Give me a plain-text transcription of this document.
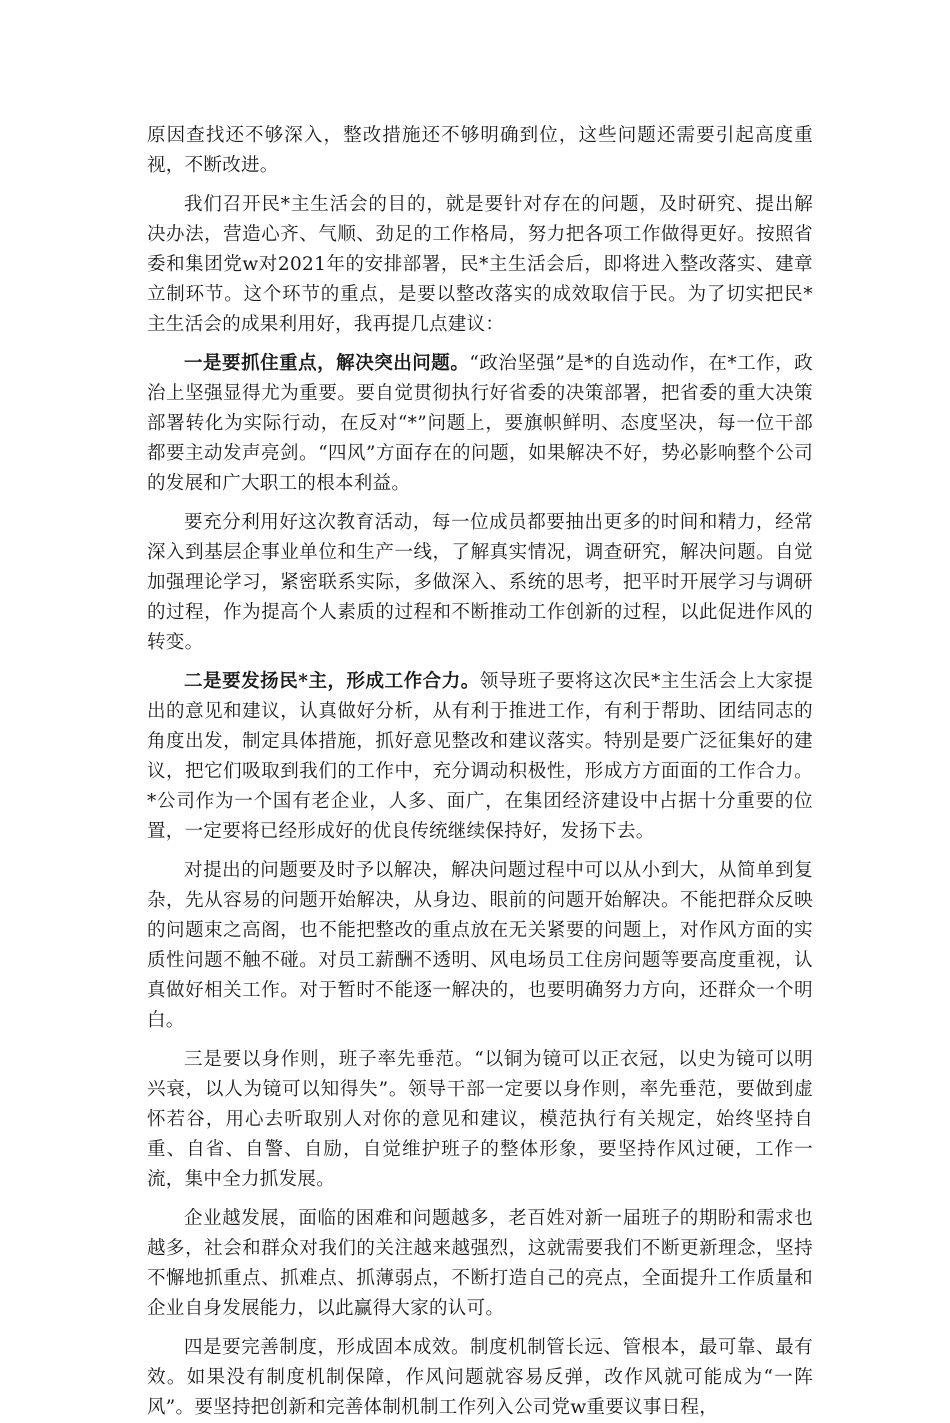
原因查找还不够深入，整改措施还不够明确到位，这些问题还需要引起高度重视，不断改进。

我们召开民*主生活会的目的，就是要针对存在的问题，及时研究、提出解决办法，营造心齐、气顺、劲足的工作格局，努力把各项工作做得更好。按照省委和集团党w对2021年的安排部署，民*主生活会后，即将进入整改落实、建章立制环节。这个环节的重点，是要以整改落实的成效取信于民。为了切实把民*主生活会的成果利用好，我再提几点建议：

一是要抓住重点，解决突出问题。“政治坚强”是*的自选动作，在*工作，政治上坚强显得尤为重要。要自觉贯彻执行好省委的决策部署，把省委的重大决策部署转化为实际行动，在反对“*”问题上，要旗帜鲜明、态度坚决，每一位干部都要主动发声亮剑。“四风”方面存在的问题，如果解决不好，势必影响整个公司的发展和广大职工的根本利益。

要充分利用好这次教育活动，每一位成员都要抽出更多的时间和精力，经常深入到基层企事业单位和生产一线，了解真实情况，调查研究，解决问题。自觉加强理论学习，紧密联系实际，多做深入、系统的思考，把平时开展学习与调研的过程，作为提高个人素质的过程和不断推动工作创新的过程，以此促进作风的转变。

二是要发扬民*主，形成工作合力。领导班子要将这次民*主生活会上大家提出的意见和建议，认真做好分析，从有利于推进工作，有利于帮助、团结同志的角度出发，制定具体措施，抓好意见整改和建议落实。特别是要广泛征集好的建议，把它们吸取到我们的工作中，充分调动积极性，形成方方面面的工作合力。*公司作为一个国有老企业，人多、面广，在集团经济建设中占据十分重要的位置，一定要将已经形成好的优良传统继续保持好，发扬下去。

对提出的问题要及时予以解决，解决问题过程中可以从小到大，从简单到复杂，先从容易的问题开始解决，从身边、眼前的问题开始解决。不能把群众反映的问题束之高阁，也不能把整改的重点放在无关紧要的问题上，对作风方面的实质性问题不触不碰。对员工薪酬不透明、风电场员工住房问题等要高度重视，认真做好相关工作。对于暂时不能逐一解决的，也要明确努力方向，还群众一个明白。

三是要以身作则，班子率先垂范。“以铜为镜可以正衣冠，以史为镜可以明兴衰，以人为镜可以知得失”。领导干部一定要以身作则，率先垂范，要做到虚怀若谷，用心去听取别人对你的意见和建议，模范执行有关规定，始终坚持自重、自省、自警、自励，自觉维护班子的整体形象，要坚持作风过硬，工作一流，集中全力抓发展。

企业越发展，面临的困难和问题越多，老百姓对新一届班子的期盼和需求也越多，社会和群众对我们的关注越来越强烈，这就需要我们不断更新理念，坚持不懈地抓重点、抓难点、抓薄弱点，不断打造自己的亮点，全面提升工作质量和企业自身发展能力，以此赢得大家的认可。

四是要完善制度，形成固本成效。制度机制管长远、管根本，最可靠、最有效。如果没有制度机制保障，作风问题就容易反弹，改作风就可能成为“一阵风”。要坚持把创新和完善体制机制工作列入公司党w重要议事日程，
